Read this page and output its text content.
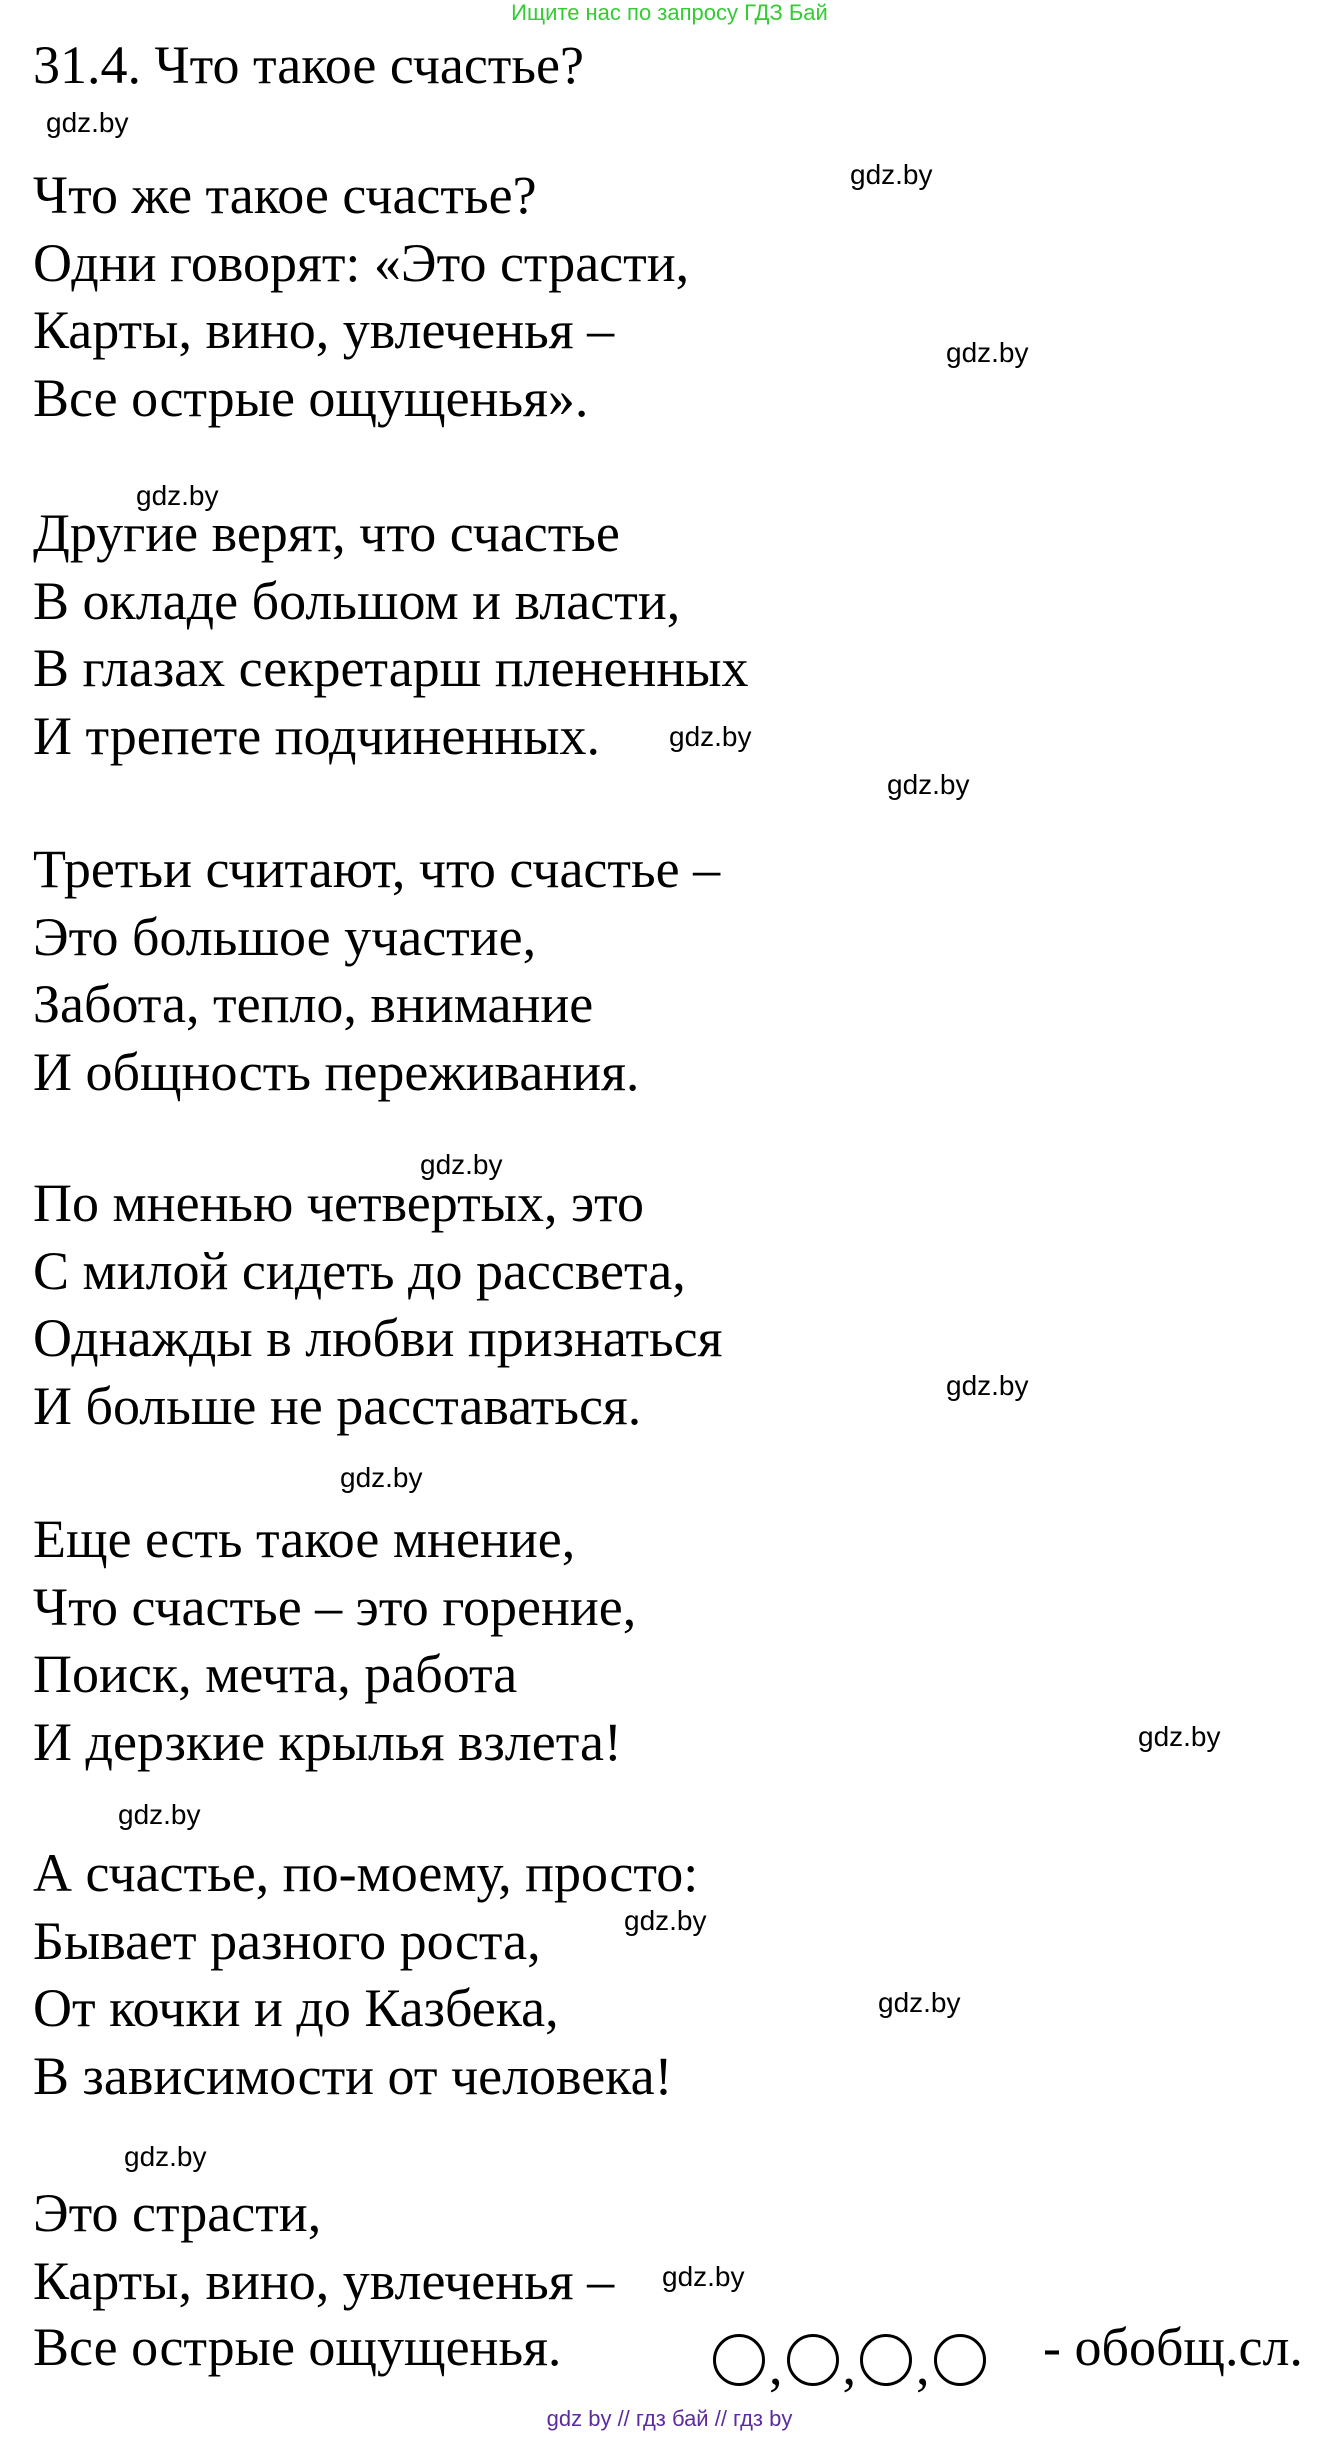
Ищите нас по запросу ГДЗ Бай
31.4. Что такое счастье?
gdz.by
gdz.by
gdz.by
gdz.by
gdz.by
gdz.by
gdz.by
gdz.by
gdz.by
gdz.by
gdz.by
gdz.by
gdz.by
gdz.by
gdz.by
Что же такое счастье?
Одни говорят: «Это страсти,
Карты, вино, увлеченья –
Все острые ощущенья».
Другие верят, что счастье
В окладе большом и власти,
В глазах секретарш плененных
И трепете подчиненных.
Третьи считают, что счастье –
Это большое участие,
Забота, тепло, внимание
И общность переживания.
По мненью четвертых, это
С милой сидеть до рассвета,
Однажды в любви признаться
И больше не расставаться.
Еще есть такое мнение,
Что счастье – это горение,
Поиск, мечта, работа
И дерзкие крылья взлета!
А счастье, по-моему, просто:
Бывает разного роста,
От кочки и до Казбека,
В зависимости от человека!
Это страсти,
Карты, вино, увлеченья –
Все острые ощущенья.	, , , - обобщ.сл.
gdz by // гдз бай // гдз by
